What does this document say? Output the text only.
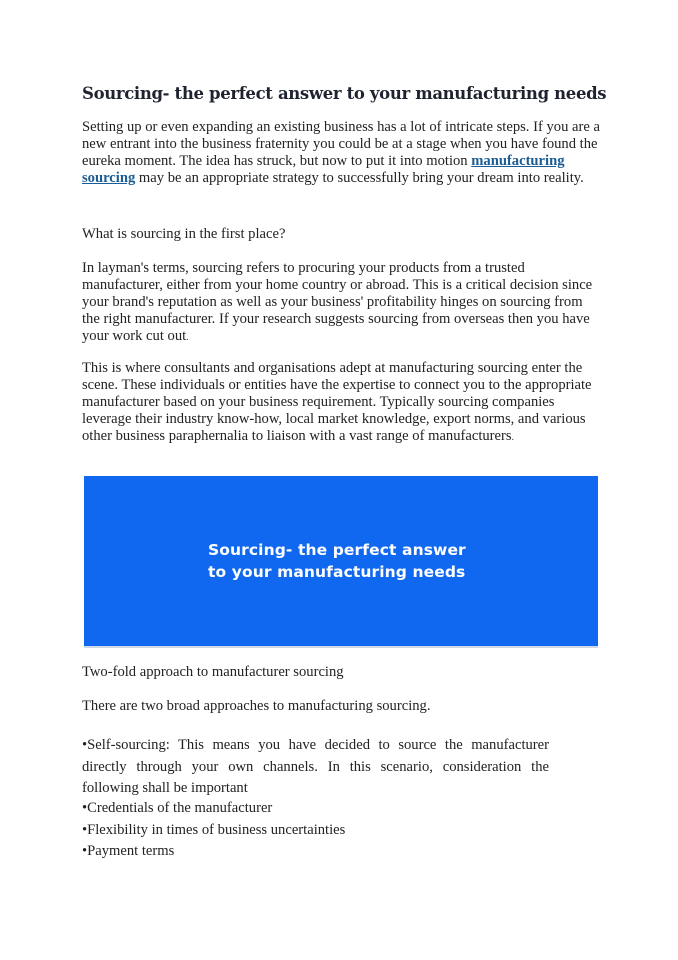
Sourcing- the perfect answer to your manufacturing needs

Setting up or even expanding an existing business has a lot of intricate steps. If you are a new entrant into the business fraternity you could be at a stage when you have found the eureka moment. The idea has struck, but now to put it into motion manufacturing sourcing may be an appropriate strategy to successfully bring your dream into reality.

What is sourcing in the first place?

In layman's terms, sourcing refers to procuring your products from a trusted manufacturer, either from your home country or abroad. This is a critical decision since your brand's reputation as well as your business' profitability hinges on sourcing from the right manufacturer. If your research suggests sourcing from overseas then you have your work cut out.

This is where consultants and organisations adept at manufacturing sourcing enter the scene. These individuals or entities have the expertise to connect you to the appropriate manufacturer based on your business requirement. Typically sourcing companies leverage their industry know-how, local market knowledge, export norms, and various other business paraphernalia to liaison with a vast range of manufacturers.

Sourcing- the perfect answer
to your manufacturing needs

Two-fold approach to manufacturer sourcing

There are two broad approaches to manufacturing sourcing.

•Self-sourcing: This means you have decided to source the manufacturer directly through your own channels. In this scenario, consideration the following shall be important

•Credentials of the manufacturer
•Flexibility in times of business uncertainties
•Payment terms
